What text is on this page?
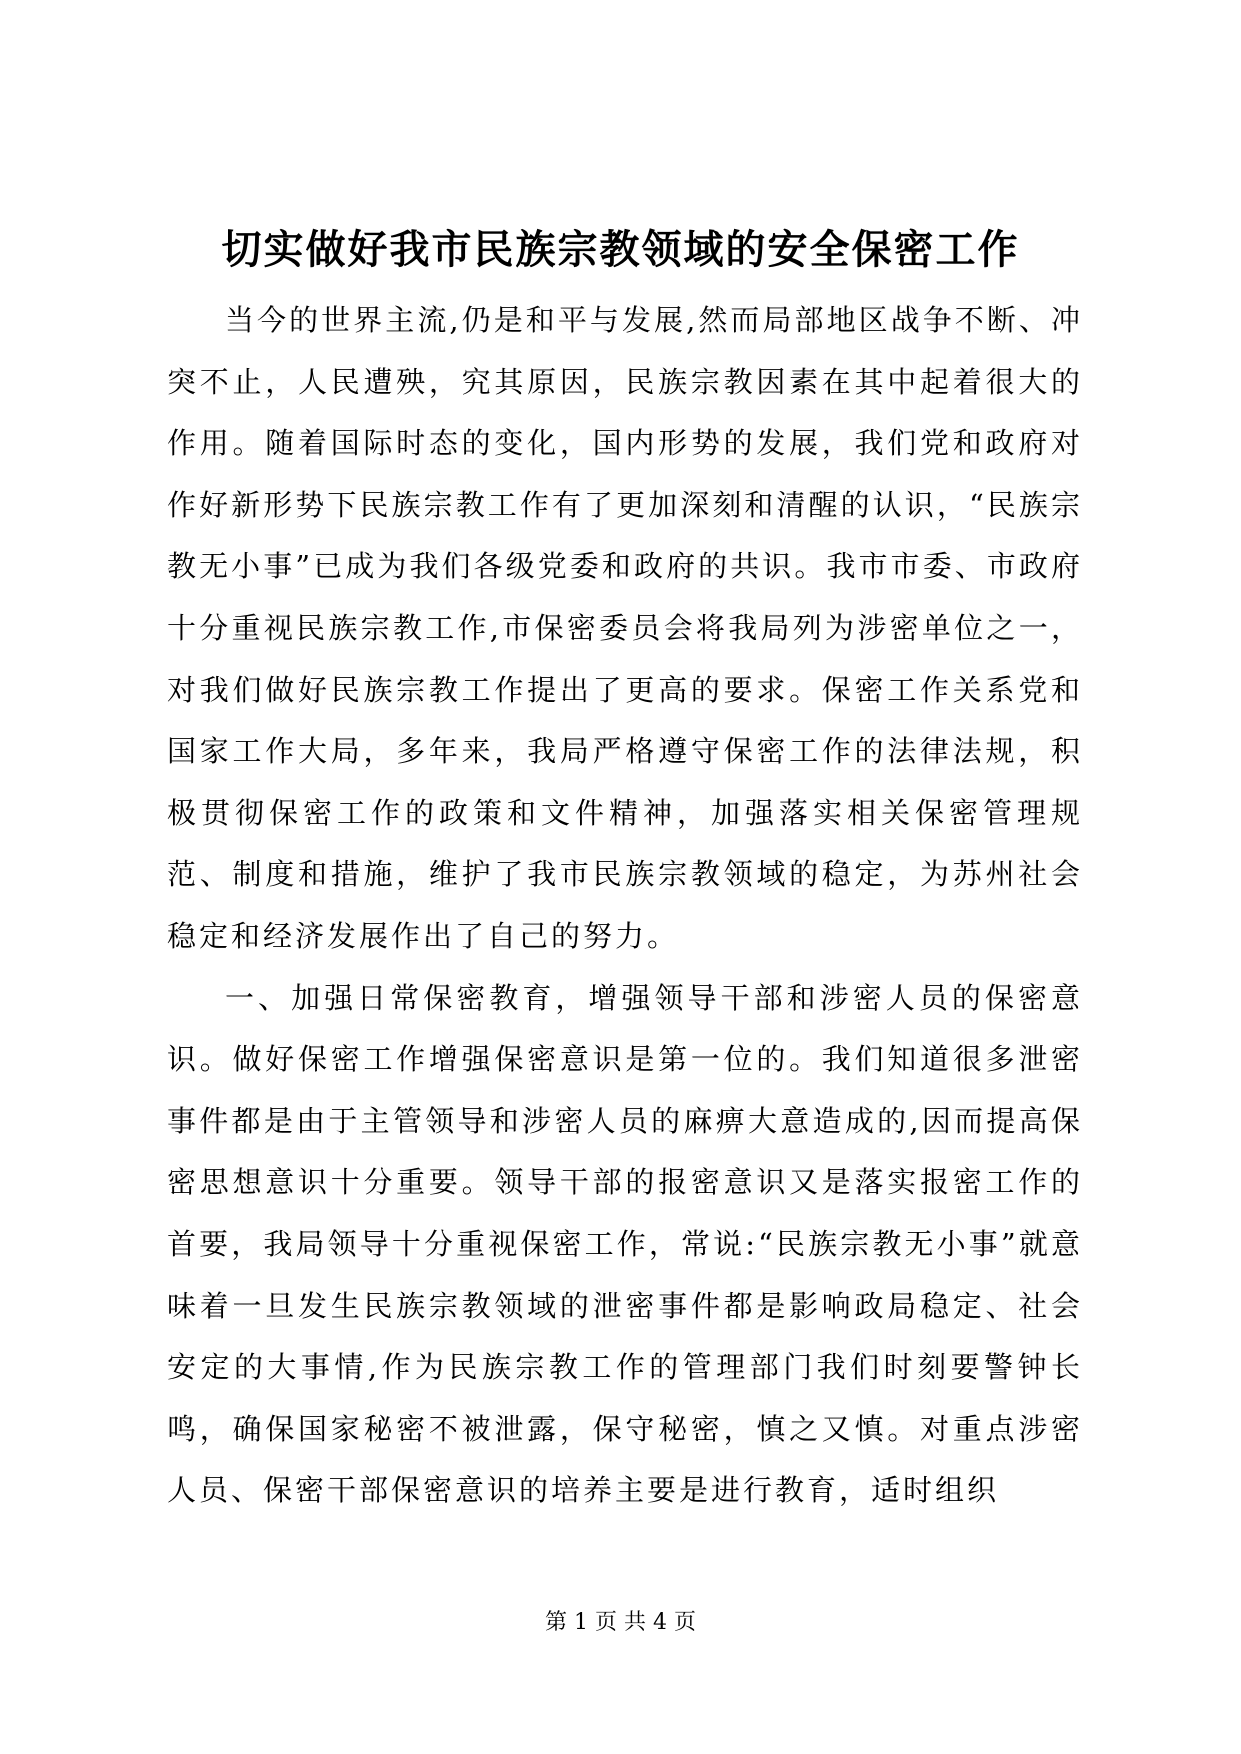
切实做好我市民族宗教领域的安全保密工作

当今的世界主流,仍是和平与发展,然而局部地区战争不断、冲突不止，人民遭殃，究其原因，民族宗教因素在其中起着很大的作用。随着国际时态的变化，国内形势的发展，我们党和政府对作好新形势下民族宗教工作有了更加深刻和清醒的认识，“民族宗教无小事”已成为我们各级党委和政府的共识。我市市委、市政府十分重视民族宗教工作,市保密委员会将我局列为涉密单位之一，对我们做好民族宗教工作提出了更高的要求。保密工作关系党和国家工作大局，多年来，我局严格遵守保密工作的法律法规，积极贯彻保密工作的政策和文件精神，加强落实相关保密管理规范、制度和措施，维护了我市民族宗教领域的稳定，为苏州社会稳定和经济发展作出了自己的努力。

一、加强日常保密教育，增强领导干部和涉密人员的保密意识。做好保密工作增强保密意识是第一位的。我们知道很多泄密事件都是由于主管领导和涉密人员的麻痹大意造成的,因而提高保密思想意识十分重要。领导干部的报密意识又是落实报密工作的首要，我局领导十分重视保密工作，常说:“民族宗教无小事”就意味着一旦发生民族宗教领域的泄密事件都是影响政局稳定、社会安定的大事情,作为民族宗教工作的管理部门我们时刻要警钟长鸣，确保国家秘密不被泄露，保守秘密，慎之又慎。对重点涉密人员、保密干部保密意识的培养主要是进行教育，适时组织

第 1 页 共 4 页
